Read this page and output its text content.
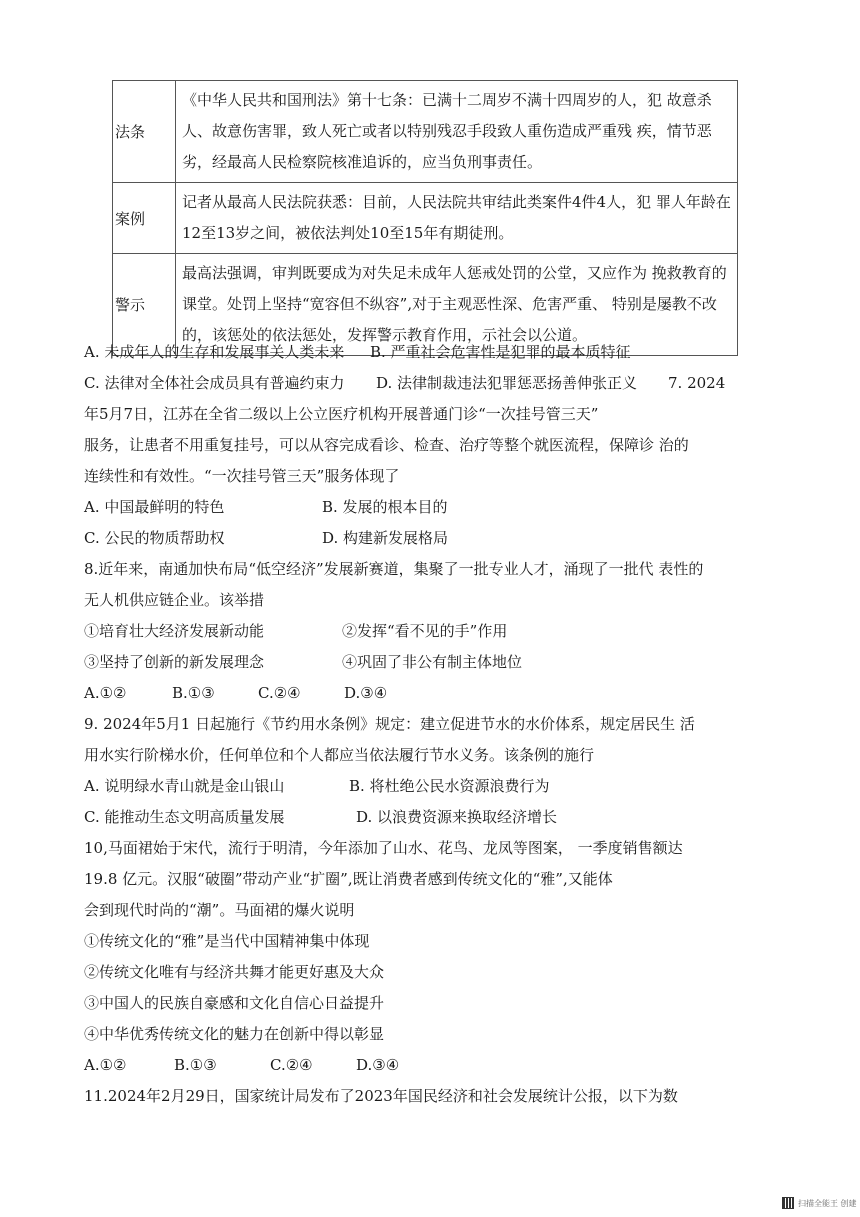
法条	《中华人民共和国刑法》第十七条：已满十二周岁不满十四周岁的人，犯 故意杀人、故意伤害罪，致人死亡或者以特别残忍手段致人重伤造成严重残 疾，情节恶劣，经最高人民检察院核准追诉的，应当负刑事责任。
案例	记者从最高人民法院获悉：目前，人民法院共审结此类案件4件4人，犯 罪人年龄在12至13岁之间，被依法判处10至15年有期徒刑。
警示	最高法强调，审判既要成为对失足未成年人惩戒处罚的公堂，又应作为 挽救教育的课堂。处罚上坚持“宽容但不纵容”,对于主观恶性深、危害严重、 特别是屡教不改的，该惩处的依法惩处，发挥警示教育作用，示社会以公道。
A. 未成年人的生存和发展事关人类未来 B. 严重社会危害性是犯罪的最本质特征
C. 法律对全体社会成员具有普遍约束力 D. 法律制裁违法犯罪惩恶扬善伸张正义 7. 2024
年5月7日，江苏在全省二级以上公立医疗机构开展普通门诊“一次挂号管三天”
服务，让患者不用重复挂号，可以从容完成看诊、检查、治疗等整个就医流程，保障诊 治的
连续性和有效性。“一次挂号管三天”服务体现了
A. 中国最鲜明的特色	B. 发展的根本目的
C. 公民的物质帮助权	D. 构建新发展格局
8.近年来，南通加快布局“低空经济”发展新赛道，集聚了一批专业人才，涌现了一批代 表性的
无人机供应链企业。该举措
①培育壮大经济发展新动能	②发挥“看不见的手”作用
③坚持了创新的新发展理念	④巩固了非公有制主体地位
A.①②	B.①③	C.②④	D.③④
9. 2024年5月1 日起施行《节约用水条例》规定：建立促进节水的水价体系，规定居民生 活
用水实行阶梯水价，任何单位和个人都应当依法履行节水义务。该条例的施行
A. 说明绿水青山就是金山银山	B. 将杜绝公民水资源浪费行为
C. 能推动生态文明高质量发展	D. 以浪费资源来换取经济增长
10,马面裙始于宋代，流行于明清，今年添加了山水、花鸟、龙凤等图案， 一季度销售额达
19.8 亿元。汉服“破圈”带动产业“扩圈”,既让消费者感到传统文化的“雅”,又能体
会到现代时尚的“潮”。马面裙的爆火说明
①传统文化的“雅”是当代中国精神集中体现
②传统文化唯有与经济共舞才能更好惠及大众
③中国人的民族自豪感和文化自信心日益提升
④中华优秀传统文化的魅力在创新中得以彰显
A.①②	B.①③	C.②④	D.③④
11.2024年2月29日，国家统计局发布了2023年国民经济和社会发展统计公报，以下为数
扫描全能王 创建
